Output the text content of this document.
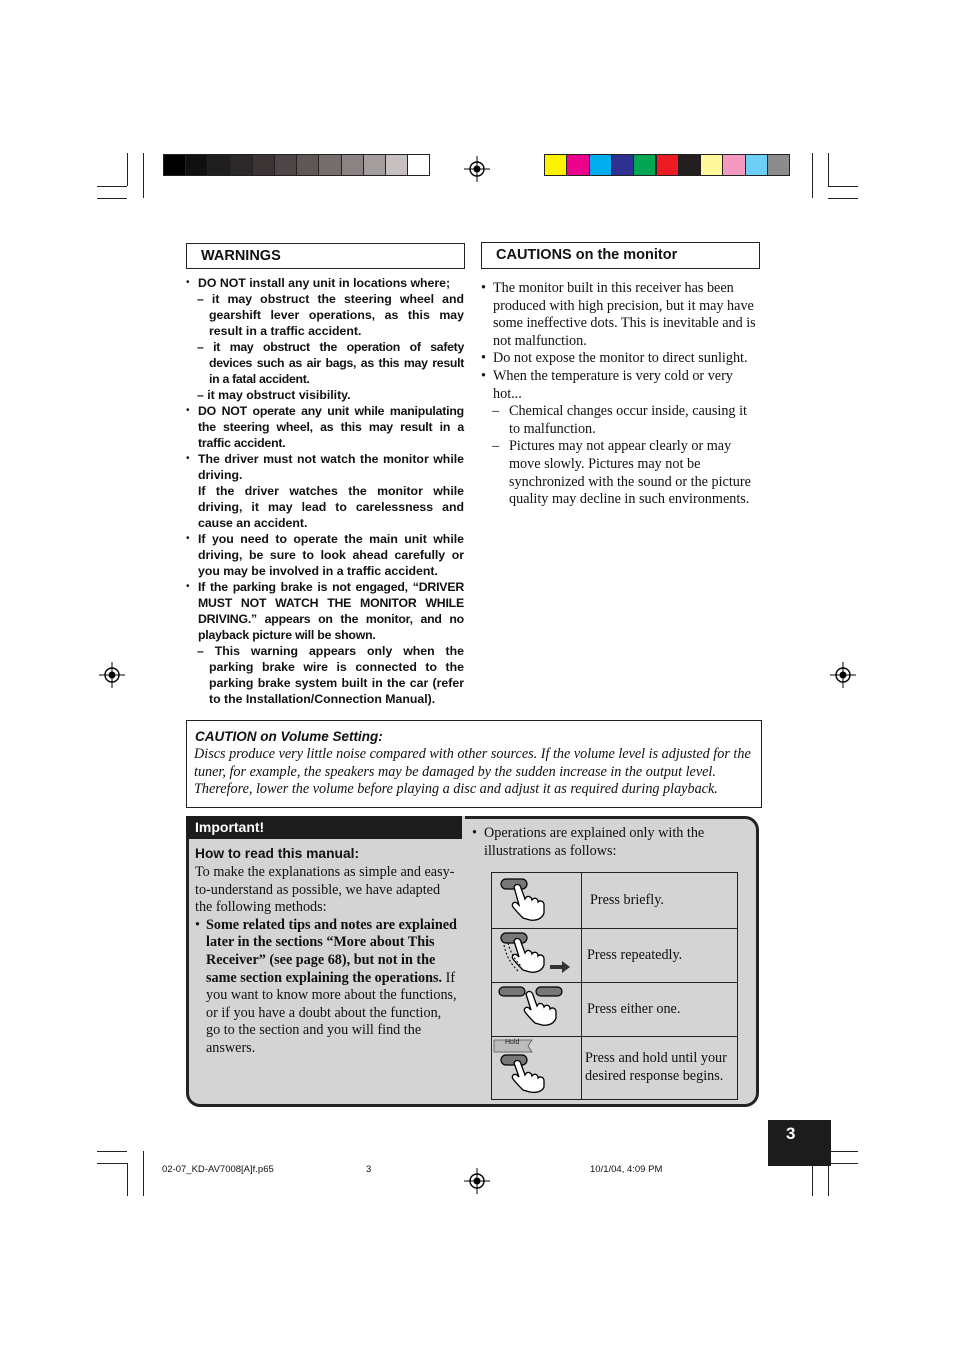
WARNINGS

• DO NOT install any unit in locations where;

– it may obstruct the steering wheel and gearshift lever operations, as this may result in a traffic accident.

– it may obstruct the operation of safety devices such as air bags, as this may result in a fatal accident.

– it may obstruct visibility.

• DO NOT operate any unit while manipulating the steering wheel, as this may result in a traffic accident.

• The driver must not watch the monitor while driving.

If the driver watches the monitor while driving, it may lead to carelessness and cause an accident.

• If you need to operate the main unit while driving, be sure to look ahead carefully or you may be involved in a traffic accident.

• If the parking brake is not engaged, “DRIVER MUST NOT WATCH THE MONITOR WHILE DRIVING.” appears on the monitor, and no playback picture will be shown.

– This warning appears only when the parking brake wire is connected to the parking brake system built in the car (refer to the Installation/Connection Manual).

CAUTIONS on the monitor

• The monitor built in this receiver has been produced with high precision, but it may have some ineffective dots. This is inevitable and is not malfunction.

• Do not expose the monitor to direct sunlight.

• When the temperature is very cold or very hot...

– Chemical changes occur inside, causing it to malfunction.

– Pictures may not appear clearly or may move slowly. Pictures may not be synchronized with the sound or the picture quality may decline in such environments.

CAUTION on Volume Setting:
Discs produce very little noise compared with other sources. If the volume level is adjusted for the tuner, for example, the speakers may be damaged by the sudden increase in the output level. Therefore, lower the volume before playing a disc and adjust it as required during playback.
Important!
How to read this manual:

To make the explanations as simple and easy-to-understand as possible, we have adapted the following methods:

• Some related tips and notes are explained later in the sections “More about This Receiver” (see page 68), but not in the same section explaining the operations. If you want to know more about the functions, or if you have a doubt about the function, go to the section and you will find the answers.

• Operations are explained only with the illustrations as follows:
	Press briefly.
	Press repeatedly.
	Press either one.

Hold	Press and hold until your desired response begins.
3
02-07_KD-AV7008[A]f.p65	3	10/1/04, 4:09 PM
